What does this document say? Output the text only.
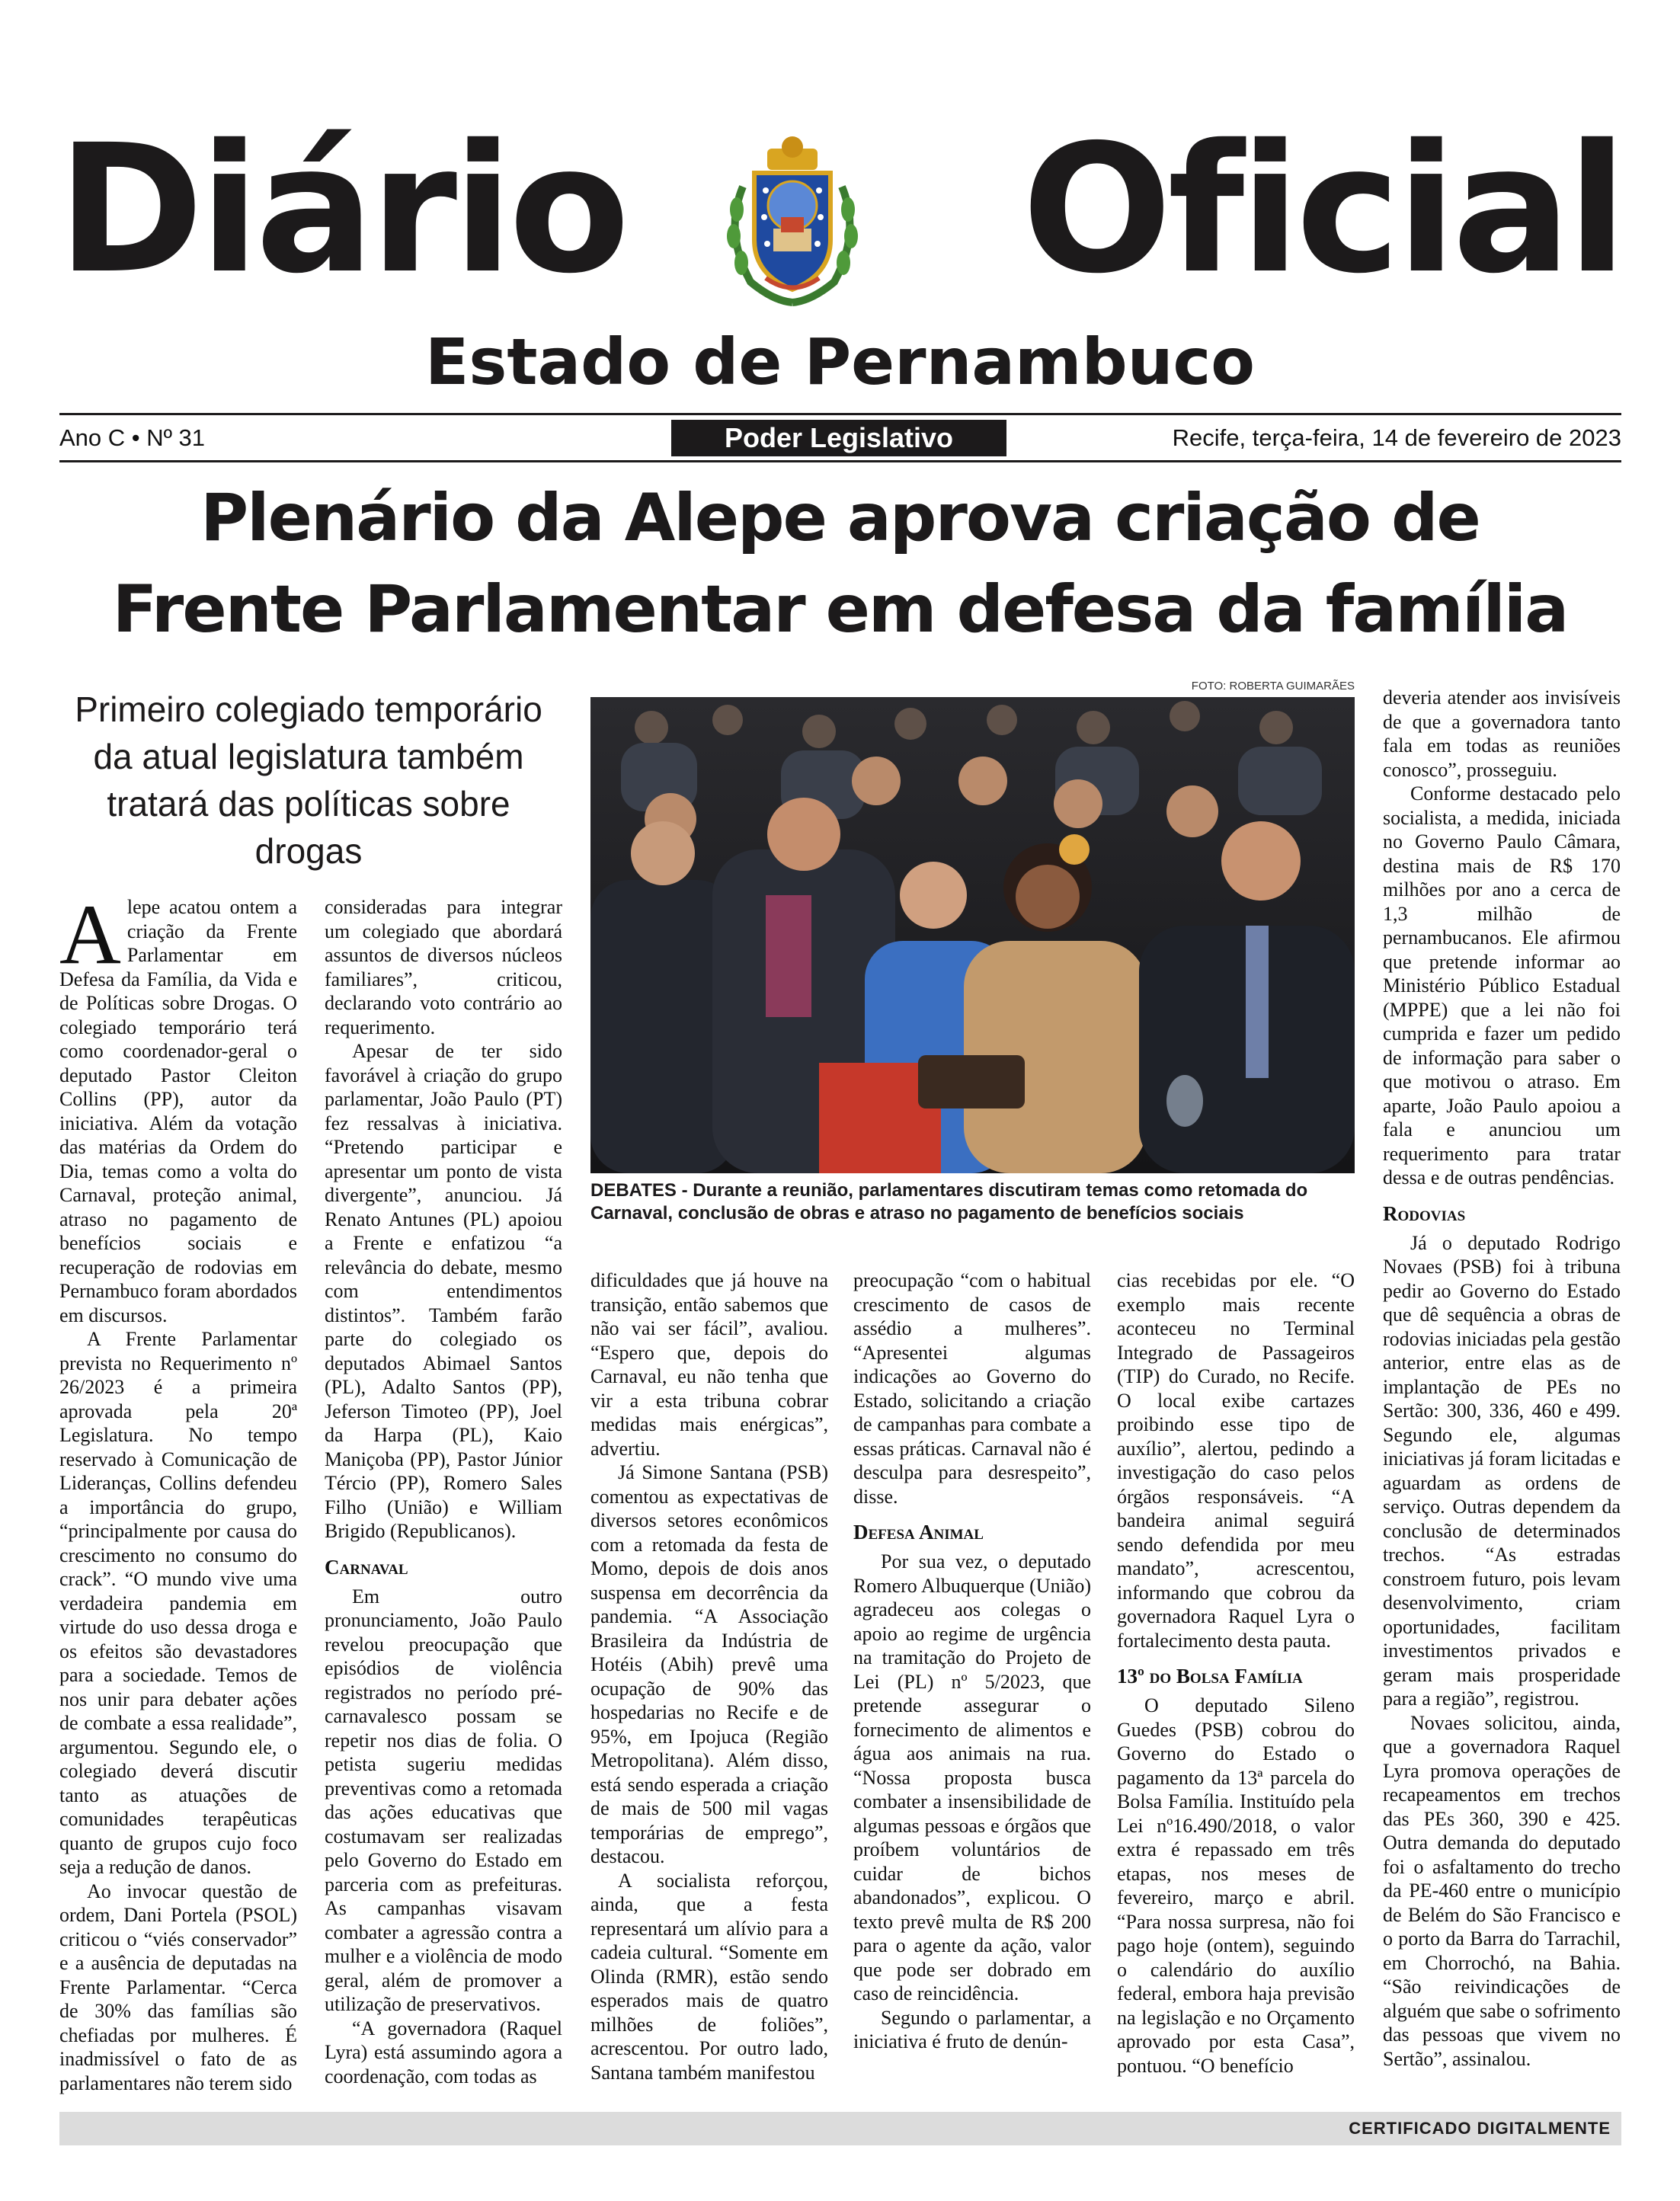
Diário Oficial
Estado de Pernambuco
Ano C • Nº 31	Poder Legislativo	Recife, terça-feira, 14 de fevereiro de 2023
Plenário da Alepe aprova criação de
Frente Parlamentar em defesa da família
Primeiro colegiado temporário da atual legislatura também tratará das políticas sobre drogas
FOTO: ROBERTA GUIMARÃES
DEBATES - Durante a reunião, parlamentares discutiram temas como retomada do Carnaval, conclusão de obras e atraso no pagamento de benefícios sociais

Alepe acatou ontem a criação da Frente Parlamentar em Defesa da Família, da Vida e de Políticas sobre Drogas. O colegiado temporário terá como coordenador-geral o deputado Pastor Cleiton Collins (PP), autor da iniciativa. Além da votação das matérias da Ordem do Dia, temas como a volta do Carnaval, proteção animal, atraso no pagamento de benefícios sociais e recuperação de rodovias em Pernambuco foram abordados em discursos.

A Frente Parlamentar prevista no Requerimento nº 26/2023 é a primeira aprovada pela 20ª Legislatura. No tempo reservado à Comunicação de Lideranças, Collins defendeu a importância do grupo, “principalmente por causa do crescimento no consumo do crack”. “O mundo vive uma verdadeira pandemia em virtude do uso dessa droga e os efeitos são devastadores para a sociedade. Temos de nos unir para debater ações de combate a essa realidade”, argumentou. Segundo ele, o colegiado deverá discutir tanto as atuações de comunidades terapêuticas quanto de grupos cujo foco seja a redução de danos.

Ao invocar questão de ordem, Dani Portela (PSOL) criticou o “viés conservador” e a ausência de deputadas na Frente Parlamentar. “Cerca de 30% das famílias são chefiadas por mulheres. É inadmissível o fato de as parlamentares não terem sido

consideradas para integrar um colegiado que abordará assuntos de diversos núcleos familiares”, criticou, declarando voto contrário ao requerimento.

Apesar de ter sido favorável à criação do grupo parlamentar, João Paulo (PT) fez ressalvas à iniciativa. “Pretendo participar e apresentar um ponto de vista divergente”, anunciou. Já Renato Antunes (PL) apoiou a Frente e enfatizou “a relevância do debate, mesmo com entendimentos distintos”. Também farão parte do colegiado os deputados Abimael Santos (PL), Adalto Santos (PP), Jeferson Timoteo (PP), Joel da Harpa (PL), Kaio Maniçoba (PP), Pastor Júnior Tércio (PP), Romero Sales Filho (União) e William Brigido (Republicanos).

Carnaval

Em outro pronunciamento, João Paulo revelou preocupação que episódios de violência registrados no período pré-carnavalesco possam se repetir nos dias de folia. O petista sugeriu medidas preventivas como a retomada das ações educativas que costumavam ser realizadas pelo Governo do Estado em parceria com as prefeituras. As campanhas visavam combater a agressão contra a mulher e a violência de modo geral, além de promover a utilização de preservativos.

“A governadora (Raquel Lyra) está assumindo agora a coordenação, com todas as

dificuldades que já houve na transição, então sabemos que não vai ser fácil”, avaliou. “Espero que, depois do Carnaval, eu não tenha que vir a esta tribuna cobrar medidas mais enérgicas”, advertiu.

Já Simone Santana (PSB) comentou as expectativas de diversos setores econômicos com a retomada da festa de Momo, depois de dois anos suspensa em decorrência da pandemia. “A Associação Brasileira da Indústria de Hotéis (Abih) prevê uma ocupação de 90% das hospedarias no Recife e de 95%, em Ipojuca (Região Metropolitana). Além disso, está sendo esperada a criação de mais de 500 mil vagas temporárias de emprego”, destacou.

A socialista reforçou, ainda, que a festa representará um alívio para a cadeia cultural. “Somente em Olinda (RMR), estão sendo esperados mais de quatro milhões de foliões”, acrescentou. Por outro lado, Santana também manifestou

preocupação “com o habitual crescimento de casos de assédio a mulheres”. “Apresentei algumas indicações ao Governo do Estado, solicitando a criação de campanhas para combate a essas práticas. Carnaval não é desculpa para desrespeito”, disse.

Defesa Animal

Por sua vez, o deputado Romero Albuquerque (União) agradeceu aos colegas o apoio ao regime de urgência na tramitação do Projeto de Lei (PL) nº 5/2023, que pretende assegurar o fornecimento de alimentos e água aos animais na rua. “Nossa proposta busca combater a insensibilidade de algumas pessoas e órgãos que proíbem voluntários de cuidar de bichos abandonados”, explicou. O texto prevê multa de R$ 200 para o agente da ação, valor que pode ser dobrado em caso de reincidência.

Segundo o parlamentar, a iniciativa é fruto de denún-

cias recebidas por ele. “O exemplo mais recente aconteceu no Terminal Integrado de Passageiros (TIP) do Curado, no Recife. O local exibe cartazes proibindo esse tipo de auxílio”, alertou, pedindo a investigação do caso pelos órgãos responsáveis. “A bandeira animal seguirá sendo defendida por meu mandato”, acrescentou, informando que cobrou da governadora Raquel Lyra o fortalecimento desta pauta.

13º do Bolsa Família

O deputado Sileno Guedes (PSB) cobrou do Governo do Estado o pagamento da 13ª parcela do Bolsa Família. Instituído pela Lei nº16.490/2018, o valor extra é repassado em três etapas, nos meses de fevereiro, março e abril. “Para nossa surpresa, não foi pago hoje (ontem), seguindo o calendário do auxílio federal, embora haja previsão na legislação e no Orçamento aprovado por esta Casa”, pontuou. “O benefício

deveria atender aos invisíveis de que a governadora tanto fala em todas as reuniões conosco”, prosseguiu.

Conforme destacado pelo socialista, a medida, iniciada no Governo Paulo Câmara, destina mais de R$ 170 milhões por ano a cerca de 1,3 milhão de pernambucanos. Ele afirmou que pretende informar ao Ministério Público Estadual (MPPE) que a lei não foi cumprida e fazer um pedido de informação para saber o que motivou o atraso. Em aparte, João Paulo apoiou a fala e anunciou um requerimento para tratar dessa e de outras pendências.

Rodovias

Já o deputado Rodrigo Novaes (PSB) foi à tribuna pedir ao Governo do Estado que dê sequência a obras de rodovias iniciadas pela gestão anterior, entre elas as de implantação de PEs no Sertão: 300, 336, 460 e 499. Segundo ele, algumas iniciativas já foram licitadas e aguardam as ordens de serviço. Outras dependem da conclusão de determinados trechos. “As estradas constroem futuro, pois levam desenvolvimento, criam oportunidades, facilitam investimentos privados e geram mais prosperidade para a região”, registrou.

Novaes solicitou, ainda, que a governadora Raquel Lyra promova operações de recapeamentos em trechos das PEs 360, 390 e 425. Outra demanda do deputado foi o asfaltamento do trecho da PE-460 entre o município de Belém do São Francisco e o porto da Barra do Tarrachil, em Chorrochó, na Bahia. “São reivindicações de alguém que sabe o sofrimento das pessoas que vivem no Sertão”, assinalou.

CERTIFICADO DIGITALMENTE
